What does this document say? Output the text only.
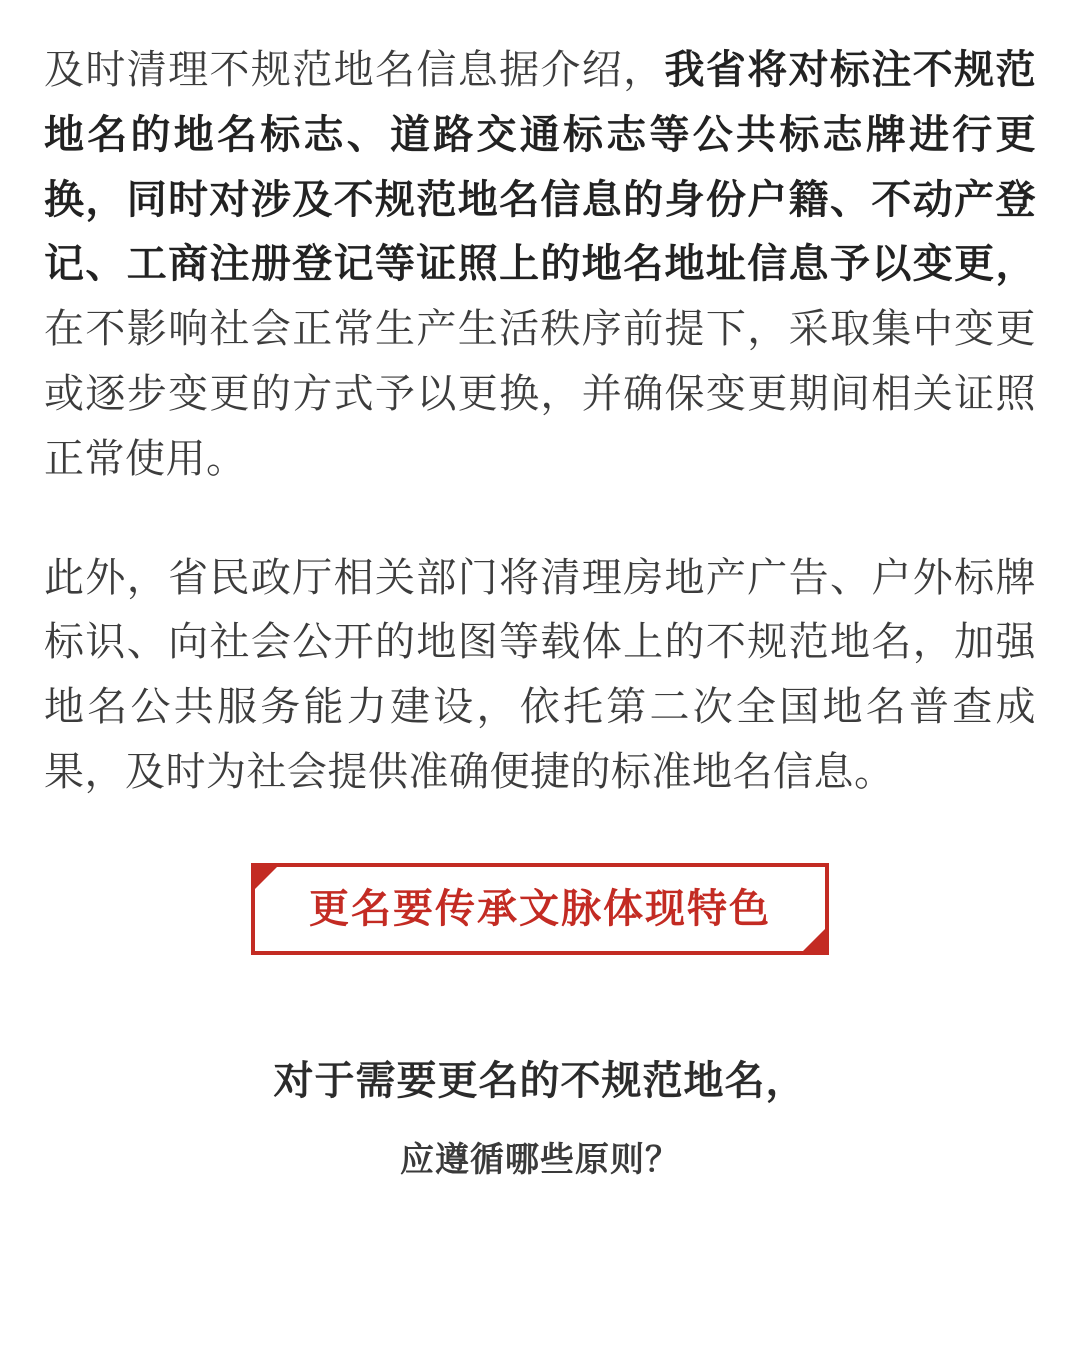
及时清理不规范地名信息据介绍，我省将对标注不规范地名的地名标志、道路交通标志等公共标志牌进行更换，同时对涉及不规范地名信息的身份户籍、不动产登记、工商注册登记等证照上的地名地址信息予以变更，在不影响社会正常生产生活秩序前提下，采取集中变更或逐步变更的方式予以更换，并确保变更期间相关证照正常使用。

此外，省民政厅相关部门将清理房地产广告、户外标牌标识、向社会公开的地图等载体上的不规范地名，加强地名公共服务能力建设，依托第二次全国地名普查成果，及时为社会提供准确便捷的标准地名信息。

更名要传承文脉体现特色
对于需要更名的不规范地名，
应遵循哪些原则？
